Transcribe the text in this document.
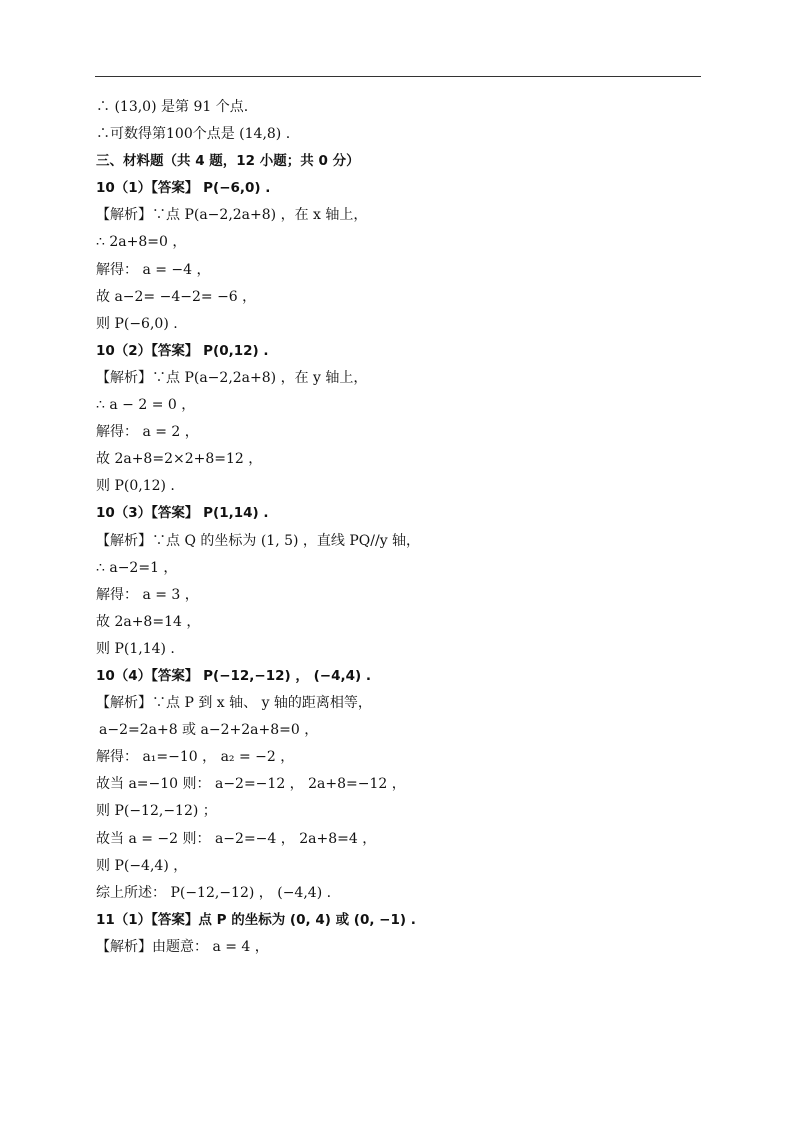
∴ (13,0) 是第 91 个点.
∴可数得第100个点是 (14,8) .
三、材料题（共 4 题，12 小题；共 0 分）
10（1）【答案】 P(−6,0) .
【解析】∵点 P(a−2,2a+8) ，在 x 轴上，
∴ 2a+8=0 ，
解得： a = −4 ，
故 a−2= −4−2= −6 ，
则 P(−6,0) .
10（2）【答案】 P(0,12) .
【解析】∵点 P(a−2,2a+8) ，在 y 轴上，
∴ a − 2 = 0 ，
解得： a = 2 ，
故 2a+8=2×2+8=12 ，
则 P(0,12) .
10（3）【答案】 P(1,14) .
【解析】∵点 Q 的坐标为 (1, 5) ，直线 PQ//y 轴，
∴ a−2=1 ，
解得： a = 3 ，
故 2a+8=14 ，
则 P(1,14) .
10（4）【答案】 P(−12,−12) ， (−4,4) .
【解析】∵点 P 到 x 轴、 y 轴的距离相等，
a−2=2a+8 或 a−2+2a+8=0 ，
解得： a₁=−10 ， a₂ = −2 ，
故当 a=−10 则： a−2=−12 ， 2a+8=−12 ，
则 P(−12,−12) ；
故当 a = −2 则： a−2=−4 ， 2a+8=4 ，
则 P(−4,4) ，
综上所述： P(−12,−12) ， (−4,4) .
11（1）【答案】点 P 的坐标为 (0, 4) 或 (0, −1) .
【解析】由题意： a = 4 ，
